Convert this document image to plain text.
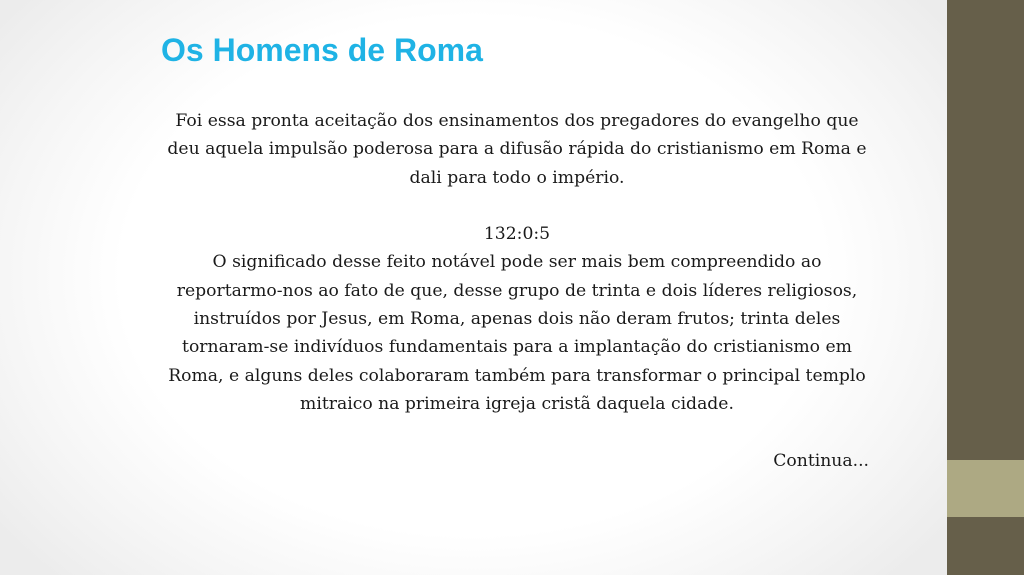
Os Homens de Roma

Foi essa pronta aceitação dos ensinamentos dos pregadores do evangelho que deu aquela impulsão poderosa para a difusão rápida do cristianismo em Roma e dali para todo o império.

132:0:5

O significado desse feito notável pode ser mais bem compreendido ao reportarmo-nos ao fato de que, desse grupo de trinta e dois líderes religiosos, instruídos por Jesus, em Roma, apenas dois não deram frutos; trinta deles tornaram-se indivíduos fundamentais para a implantação do cristianismo em Roma, e alguns deles colaboraram também para transformar o principal templo mitraico na primeira igreja cristã daquela cidade.

Continua...
